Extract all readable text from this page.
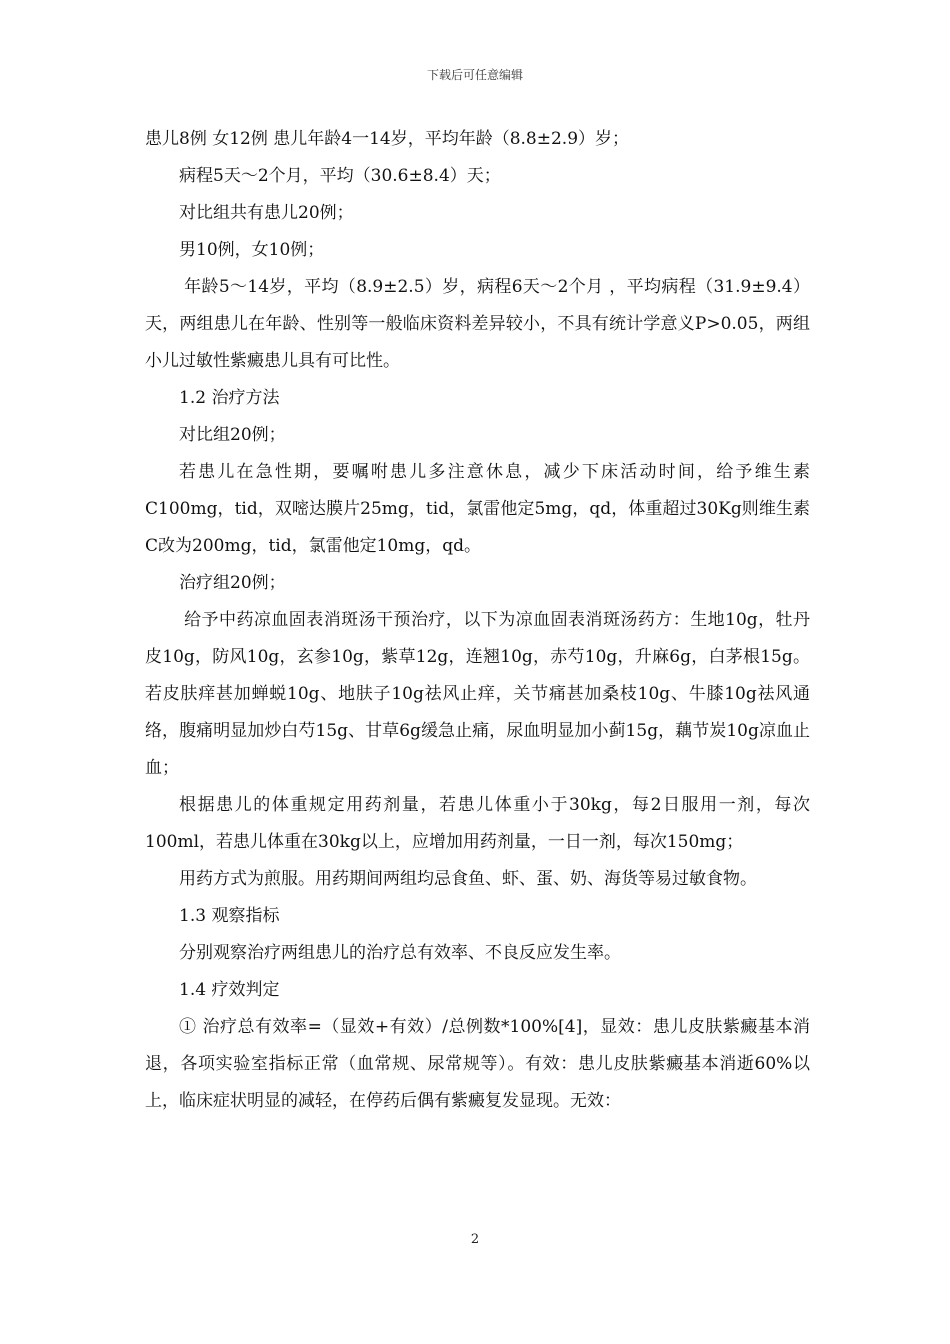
下载后可任意编辑

患儿8例 女12例 患儿年龄4一14岁，平均年龄（8.8±2.9）岁；

病程5天～2个月，平均（30.6±8.4）天；

对比组共有患儿20例；

男10例，女10例；

年龄5～14岁，平均（8.9±2.5）岁，病程6天～2个月 ，平均病程（31.9±9.4）天，两组患儿在年龄、性别等一般临床资料差异较小，不具有统计学意义P>0.05，两组小儿过敏性紫癜患儿具有可比性。

1.2 治疗方法

对比组20例；

若患儿在急性期，要嘱咐患儿多注意休息，减少下床活动时间，给予维生素C100mg，tid，双嘧达膜片25mg，tid，氯雷他定5mg，qd，体重超过30Kg则维生素C改为200mg，tid，氯雷他定10mg，qd。

治疗组20例；

给予中药凉血固表消斑汤干预治疗，以下为凉血固表消斑汤药方：生地10g，牡丹皮10g，防风10g，玄参10g，紫草12g，连翘10g，赤芍10g，升麻6g，白茅根15g。若皮肤痒甚加蝉蜕10g、地肤子10g祛风止痒，关节痛甚加桑枝10g、牛膝10g祛风通络，腹痛明显加炒白芍15g、甘草6g缓急止痛，尿血明显加小蓟15g，藕节炭10g凉血止血；

根据患儿的体重规定用药剂量，若患儿体重小于30kg，每2日服用一剂，每次100ml，若患儿体重在30kg以上，应增加用药剂量，一日一剂，每次150mg；

用药方式为煎服。用药期间两组均忌食鱼、虾、蛋、奶、海货等易过敏食物。

1.3 观察指标

分别观察治疗两组患儿的治疗总有效率、不良反应发生率。

1.4 疗效判定

① 治疗总有效率=（显效+有效）/总例数*100%[4]，显效：患儿皮肤紫癜基本消退，各项实验室指标正常（血常规、尿常规等）。有效：患儿皮肤紫癜基本消逝60%以上，临床症状明显的减轻，在停药后偶有紫癜复发显现。无效：

2
